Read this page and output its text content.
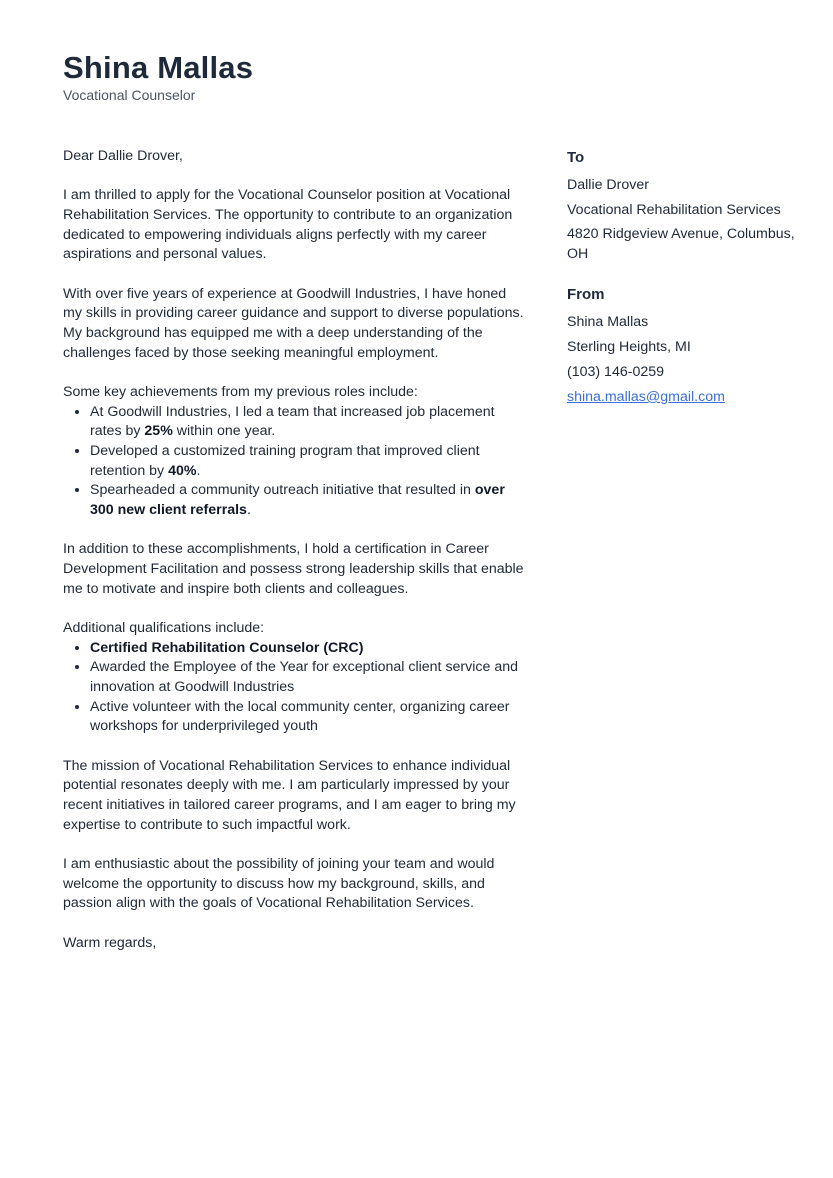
Shina Mallas
Vocational Counselor

Dear Dallie Drover,

I am thrilled to apply for the Vocational Counselor position at Vocational Rehabilitation Services. The opportunity to contribute to an organization dedicated to empowering individuals aligns perfectly with my career aspirations and personal values.

With over five years of experience at Goodwill Industries, I have honed my skills in providing career guidance and support to diverse populations. My background has equipped me with a deep understanding of the challenges faced by those seeking meaningful employment.

Some key achievements from my previous roles include:
• At Goodwill Industries, I led a team that increased job placement rates by 25% within one year.
• Developed a customized training program that improved client retention by 40%.
• Spearheaded a community outreach initiative that resulted in over 300 new client referrals.

In addition to these accomplishments, I hold a certification in Career Development Facilitation and possess strong leadership skills that enable me to motivate and inspire both clients and colleagues.

Additional qualifications include:
• Certified Rehabilitation Counselor (CRC)
• Awarded the Employee of the Year for exceptional client service and innovation at Goodwill Industries
• Active volunteer with the local community center, organizing career workshops for underprivileged youth

The mission of Vocational Rehabilitation Services to enhance individual potential resonates deeply with me. I am particularly impressed by your recent initiatives in tailored career programs, and I am eager to bring my expertise to contribute to such impactful work.

I am enthusiastic about the possibility of joining your team and would welcome the opportunity to discuss how my background, skills, and passion align with the goals of Vocational Rehabilitation Services.

Warm regards,

To
Dallie Drover
Vocational Rehabilitation Services
4820 Ridgeview Avenue, Columbus, OH
From
Shina Mallas
Sterling Heights, MI
(103) 146-0259
shina.mallas@gmail.com
